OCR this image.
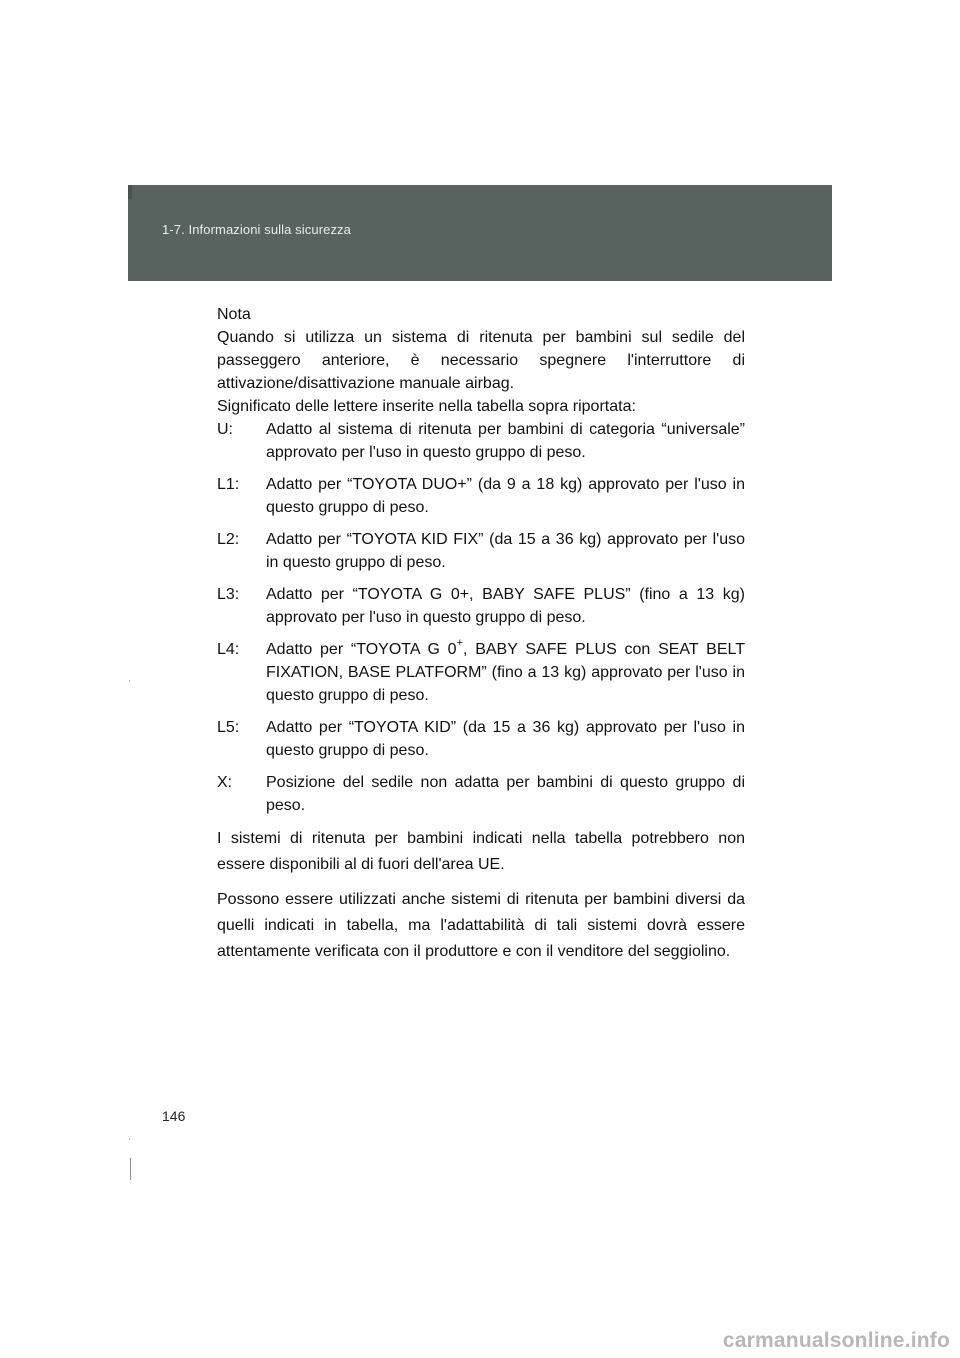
1-7. Informazioni sulla sicurezza

Nota

Quando si utilizza un sistema di ritenuta per bambini sul sedile del passeggero anteriore, è necessario spegnere l'interruttore di attivazione/disattivazione manuale airbag.

Significato delle lettere inserite nella tabella sopra riportata:

U:	Adatto al sistema di ritenuta per bambini di categoria “universale” approvato per l'uso in questo gruppo di peso.
L1:	Adatto per “TOYOTA DUO+” (da 9 a 18 kg) approvato per l'uso in questo gruppo di peso.
L2:	Adatto per “TOYOTA KID FIX” (da 15 a 36 kg) approvato per l'uso in questo gruppo di peso.
L3:	Adatto per “TOYOTA G 0+, BABY SAFE PLUS” (fino a 13 kg) approvato per l'uso in questo gruppo di peso.
L4:	Adatto per “TOYOTA G 0+, BABY SAFE PLUS con SEAT BELT FIXATION, BASE PLATFORM” (fino a 13 kg) approvato per l'uso in questo gruppo di peso.
L5:	Adatto per “TOYOTA KID” (da 15 a 36 kg) approvato per l'uso in questo gruppo di peso.
X:	Posizione del sedile non adatta per bambini di questo gruppo di peso.

I sistemi di ritenuta per bambini indicati nella tabella potrebbero non essere disponibili al di fuori dell'area UE.

Possono essere utilizzati anche sistemi di ritenuta per bambini diversi da quelli indicati in tabella, ma l'adattabilità di tali sistemi dovrà essere attentamente verificata con il produttore e con il venditore del seggiolino.

146
carmanualsonline.info
